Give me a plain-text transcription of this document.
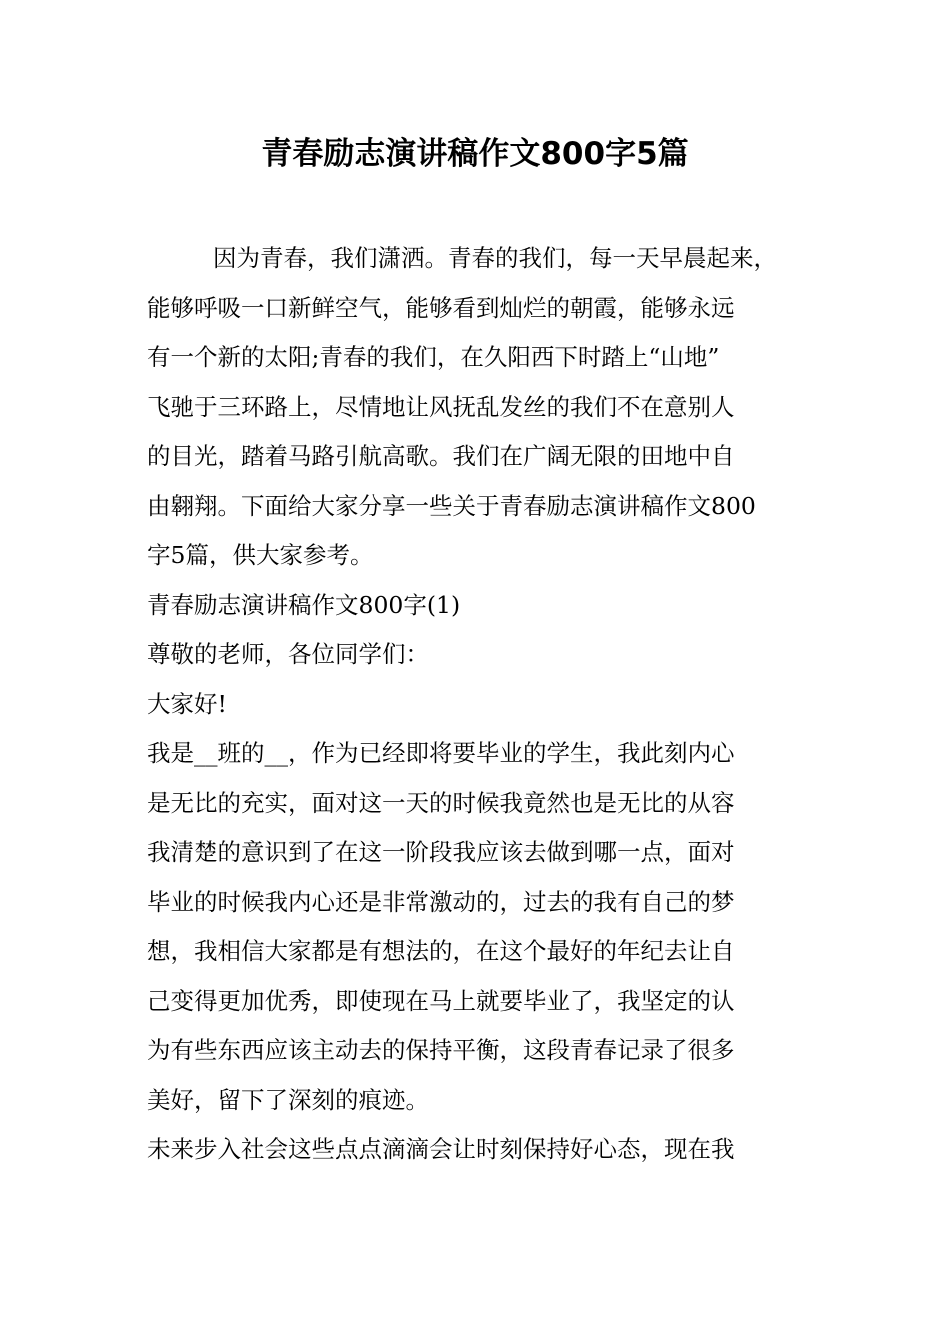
青春励志演讲稿作文800字5篇
因为青春，我们潇洒。青春的我们，每一天早晨起来，
能够呼吸一口新鲜空气，能够看到灿烂的朝霞，能够永远
有一个新的太阳;青春的我们，在久阳西下时踏上“山地”
飞驰于三环路上，尽情地让风抚乱发丝的我们不在意别人
的目光，踏着马路引航高歌。我们在广阔无限的田地中自
由翱翔。下面给大家分享一些关于青春励志演讲稿作文800
字5篇，供大家参考。
青春励志演讲稿作文800字(1)
尊敬的老师，各位同学们：
大家好!
我是__班的__，作为已经即将要毕业的学生，我此刻内心
是无比的充实，面对这一天的时候我竟然也是无比的从容
我清楚的意识到了在这一阶段我应该去做到哪一点，面对
毕业的时候我内心还是非常激动的，过去的我有自己的梦
想，我相信大家都是有想法的，在这个最好的年纪去让自
己变得更加优秀，即使现在马上就要毕业了，我坚定的认
为有些东西应该主动去的保持平衡，这段青春记录了很多
美好，留下了深刻的痕迹。
未来步入社会这些点点滴滴会让时刻保持好心态，现在我
